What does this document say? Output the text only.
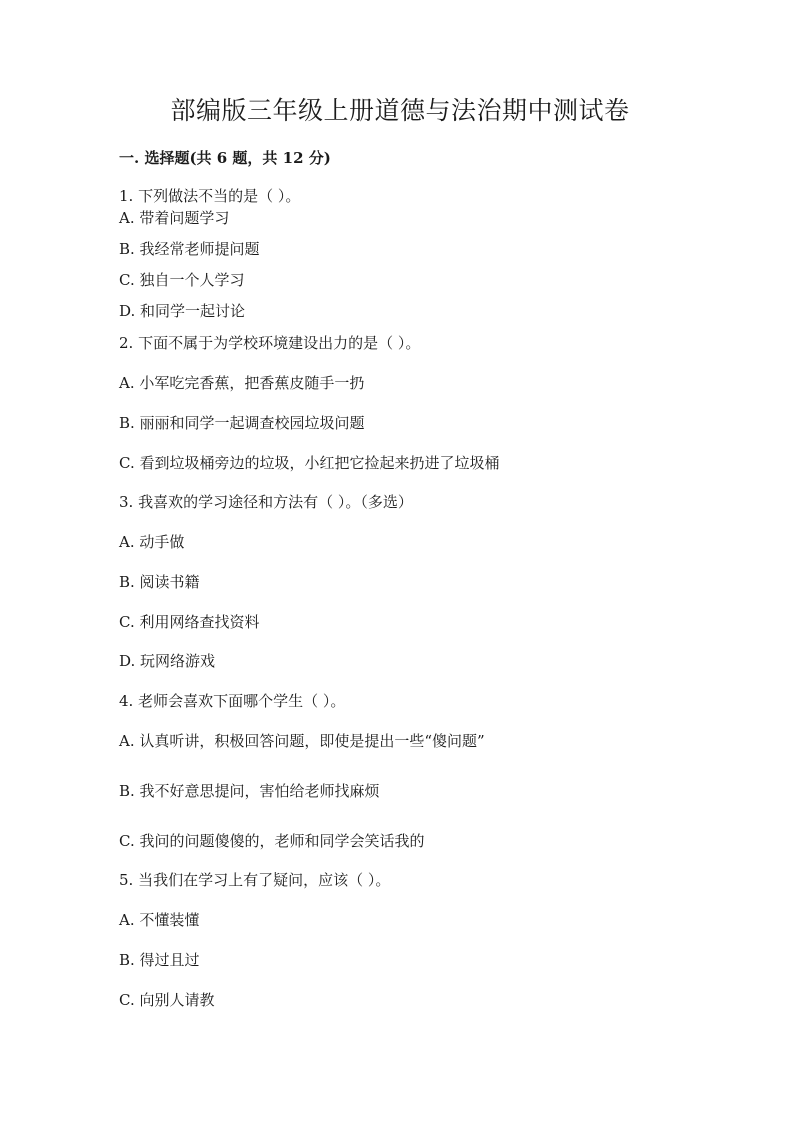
部编版三年级上册道德与法治期中测试卷
一. 选择题(共 6 题，共 12 分)
1. 下列做法不当的是（ ）。
A. 带着问题学习
B. 我经常老师提问题
C. 独自一个人学习
D. 和同学一起讨论
2. 下面不属于为学校环境建设出力的是（ ）。
A. 小军吃完香蕉，把香蕉皮随手一扔
B. 丽丽和同学一起调查校园垃圾问题
C. 看到垃圾桶旁边的垃圾，小红把它捡起来扔进了垃圾桶
3. 我喜欢的学习途径和方法有（ ）。（多选）
A. 动手做
B. 阅读书籍
C. 利用网络查找资料
D. 玩网络游戏
4. 老师会喜欢下面哪个学生（ ）。
A. 认真听讲，积极回答问题，即使是提出一些“傻问题”
B. 我不好意思提问，害怕给老师找麻烦
C. 我问的问题傻傻的，老师和同学会笑话我的
5. 当我们在学习上有了疑问，应该（ ）。
A. 不懂装懂
B. 得过且过
C. 向别人请教
